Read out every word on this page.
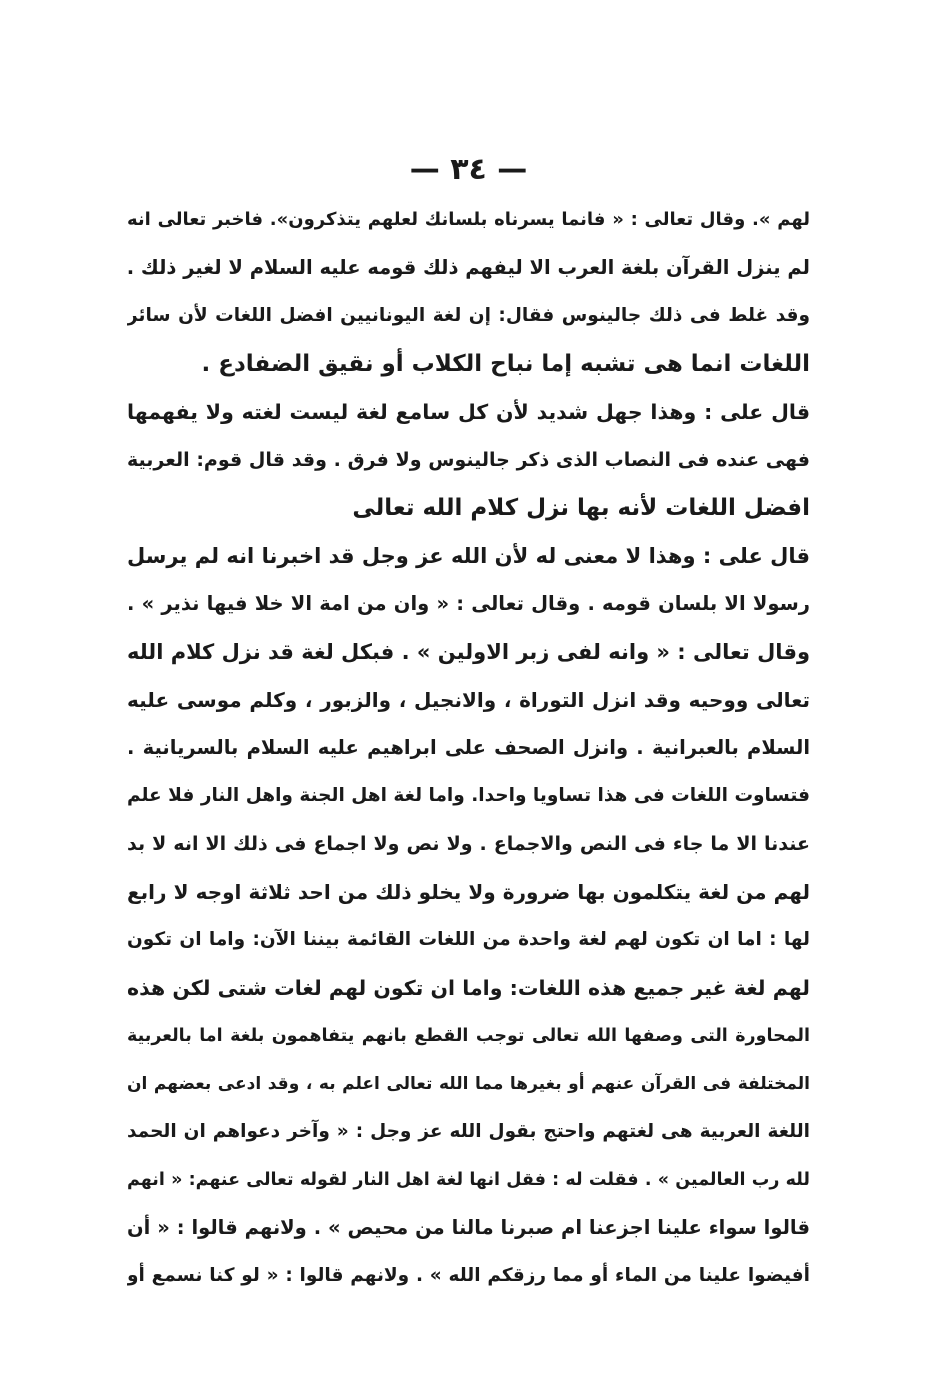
— ٣٤ —
لهم ». وقال تعالى : « فانما يسرناه بلسانك لعلهم يتذكرون». فاخبر تعالى انه
لم ينزل القرآن بلغة العرب الا ليفهم ذلك قومه عليه السلام لا لغير ذلك .
وقد غلط فى ذلك جالينوس فقال: إن لغة اليونانيين افضل اللغات لأن سائر
اللغات انما هى تشبه إما نباح الكلاب أو نقيق الضفادع .
قال على : وهذا جهل شديد لأن كل سامع لغة ليست لغته ولا يفهمها
فهى عنده فى النصاب الذى ذكر جالينوس ولا فرق . وقد قال قوم: العربية
افضل اللغات لأنه بها نزل كلام الله تعالى
قال على : وهذا لا معنى له لأن الله عز وجل قد اخبرنا انه لم يرسل
رسولا الا بلسان قومه . وقال تعالى : « وان من امة الا خلا فيها نذير » .
وقال تعالى : « وانه لفى زبر الاولين » . فبكل لغة قد نزل كلام الله
تعالى ووحيه وقد انزل التوراة ، والانجيل ، والزبور ، وكلم موسى عليه
السلام بالعبرانية . وانزل الصحف على ابراهيم عليه السلام بالسريانية .
فتساوت اللغات فى هذا تساويا واحدا. واما لغة اهل الجنة واهل النار فلا علم
عندنا الا ما جاء فى النص والاجماع . ولا نص ولا اجماع فى ذلك الا انه لا بد
لهم من لغة يتكلمون بها ضرورة ولا يخلو ذلك من احد ثلاثة اوجه لا رابع
لها : اما ان تكون لهم لغة واحدة من اللغات القائمة بيننا الآن: واما ان تكون
لهم لغة غير جميع هذه اللغات: واما ان تكون لهم لغات شتى لكن هذه
المحاورة التى وصفها الله تعالى توجب القطع بانهم يتفاهمون بلغة اما بالعربية
المختلفة فى القرآن عنهم أو بغيرها مما الله تعالى اعلم به ، وقد ادعى بعضهم ان
اللغة العربية هى لغتهم واحتج بقول الله عز وجل : « وآخر دعواهم ان الحمد
لله رب العالمين » . فقلت له : فقل انها لغة اهل النار لقوله تعالى عنهم: « انهم
قالوا سواء علينا اجزعنا ام صبرنا مالنا من محيص » . ولانهم قالوا : « أن
أفيضوا علينا من الماء أو مما رزقكم الله » . ولانهم قالوا : « لو كنا نسمع أو
